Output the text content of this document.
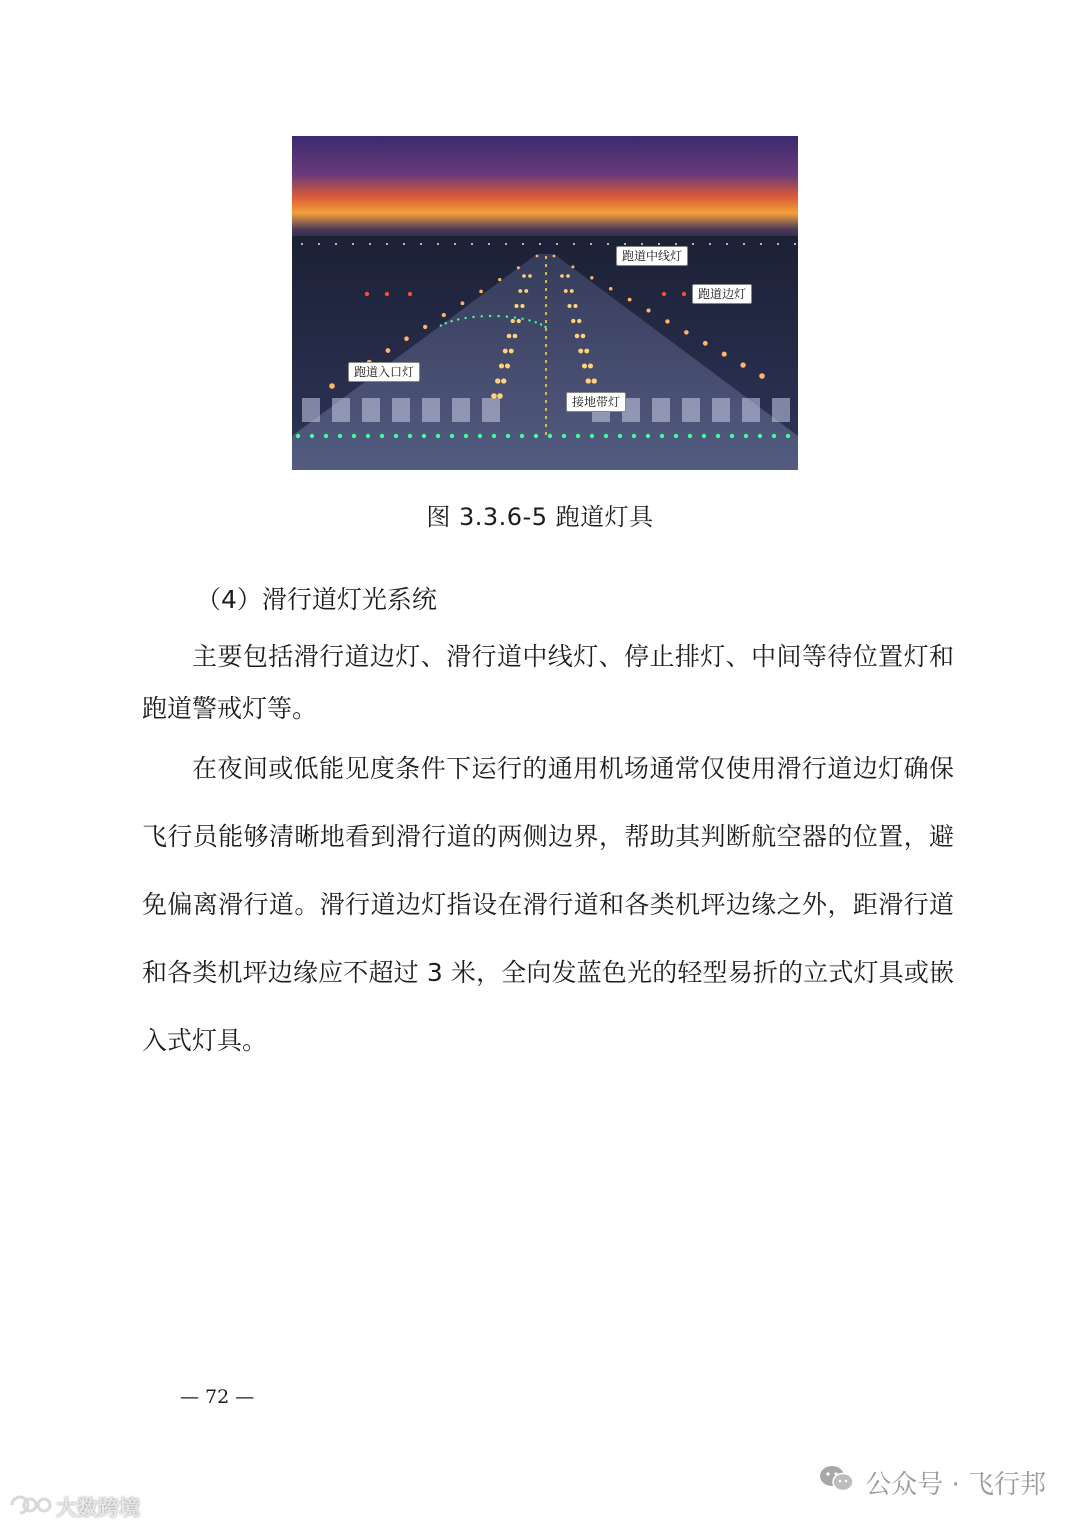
跑道中线灯
跑道边灯
跑道入口灯
接地带灯
图 3.3.6-5 跑道灯具
（4）滑行道灯光系统

主要包括滑行道边灯、滑行道中线灯、停止排灯、中间等待位置灯和跑道警戒灯等。

在夜间或低能见度条件下运行的通用机场通常仅使用滑行道边灯确保飞行员能够清晰地看到滑行道的两侧边界，帮助其判断航空器的位置，避免偏离滑行道。滑行道边灯指设在滑行道和各类机坪边缘之外，距滑行道和各类机坪边缘应不超过 3 米，全向发蓝色光的轻型易折的立式灯具或嵌入式灯具。

— 72 —
公众号 · 飞行邦
大数跨境
